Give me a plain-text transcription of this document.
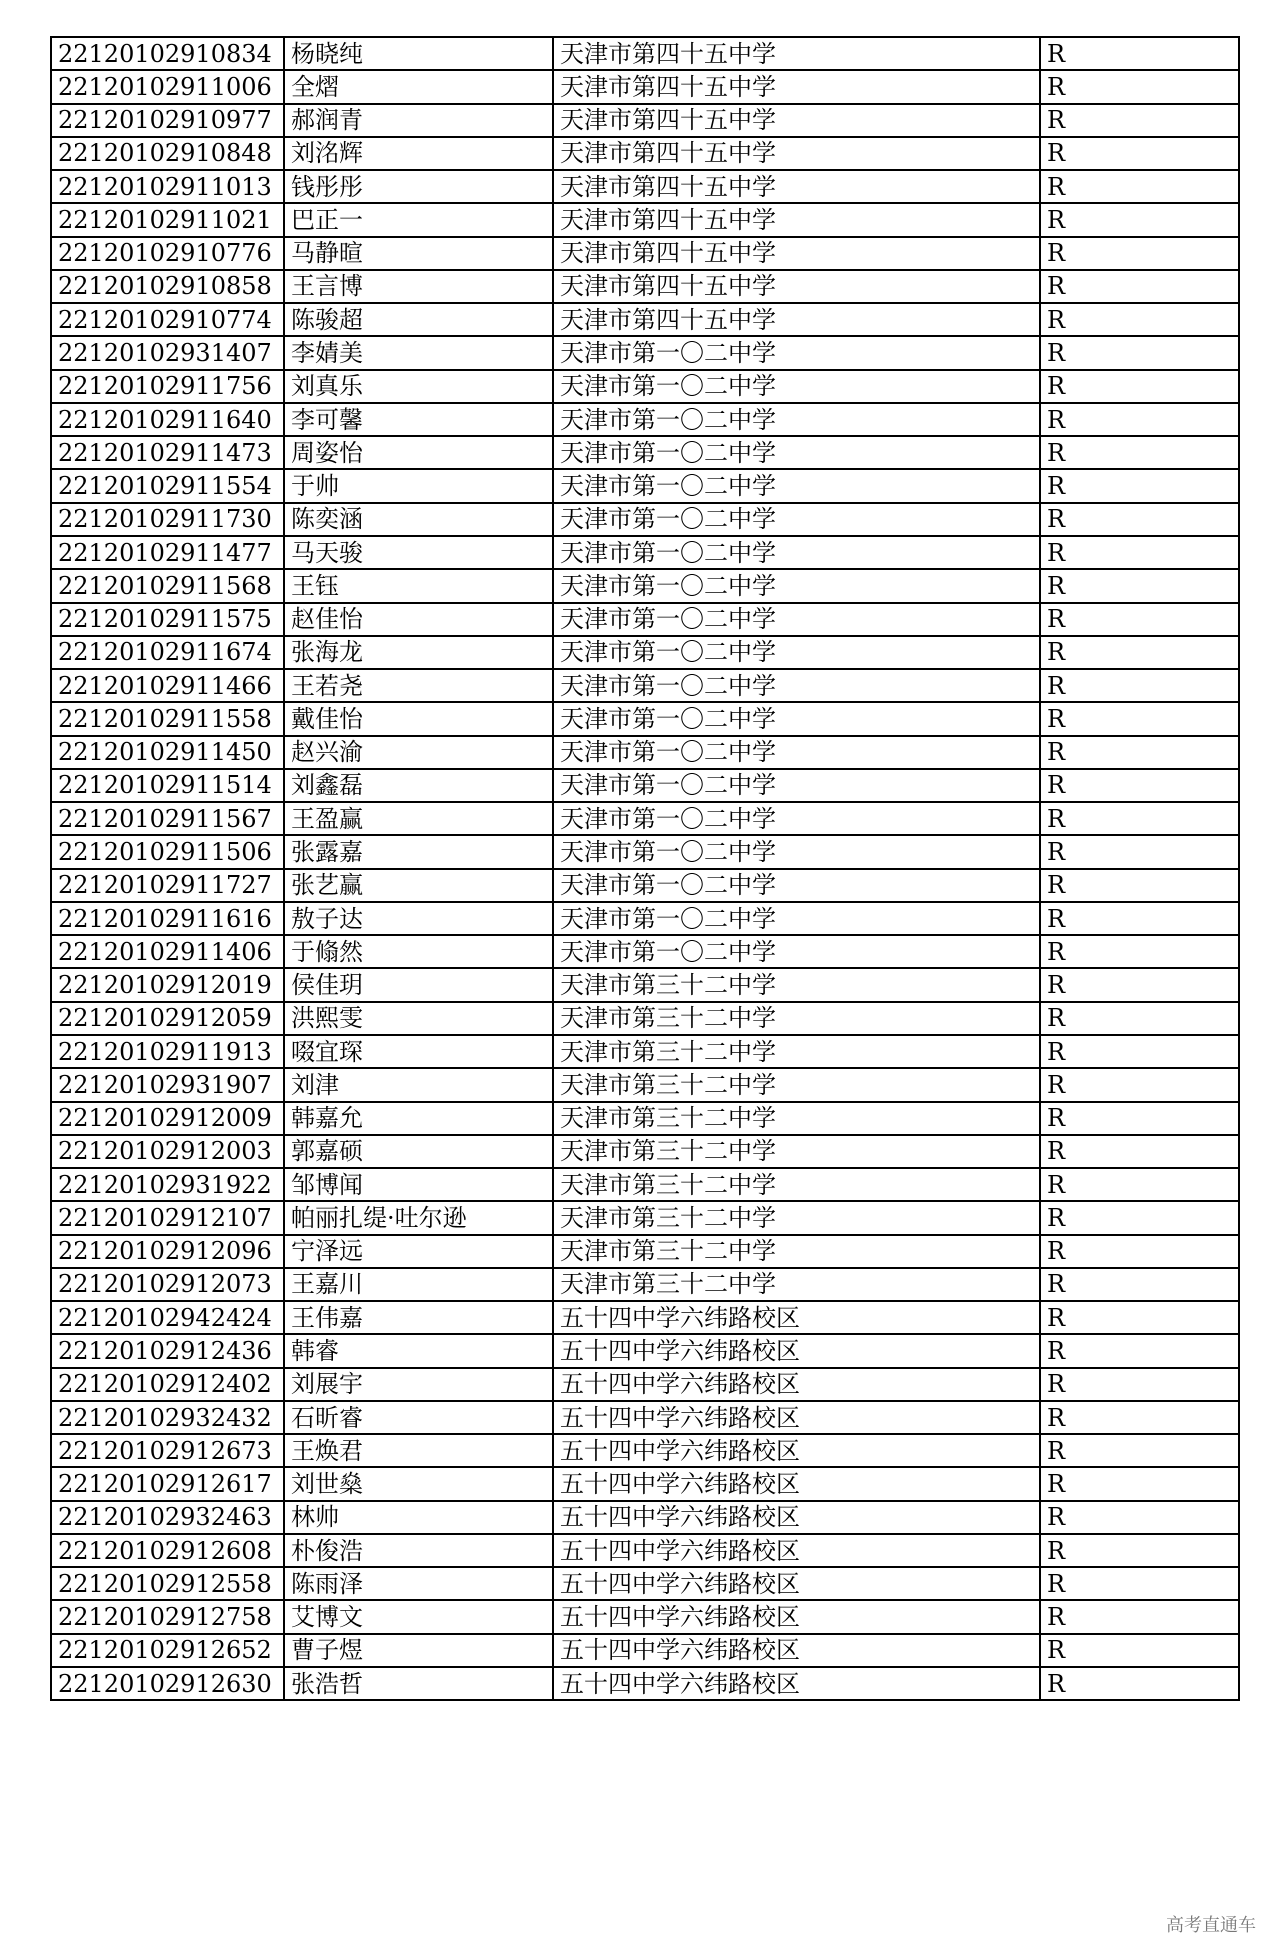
22120102910834	杨晓纯	天津市第四十五中学	R
22120102911006	全熠	天津市第四十五中学	R
22120102910977	郝润青	天津市第四十五中学	R
22120102910848	刘洺辉	天津市第四十五中学	R
22120102911013	钱彤彤	天津市第四十五中学	R
22120102911021	巴正一	天津市第四十五中学	R
22120102910776	马静暄	天津市第四十五中学	R
22120102910858	王言博	天津市第四十五中学	R
22120102910774	陈骏超	天津市第四十五中学	R
22120102931407	李婧美	天津市第一〇二中学	R
22120102911756	刘真乐	天津市第一〇二中学	R
22120102911640	李可馨	天津市第一〇二中学	R
22120102911473	周姿怡	天津市第一〇二中学	R
22120102911554	于帅	天津市第一〇二中学	R
22120102911730	陈奕涵	天津市第一〇二中学	R
22120102911477	马天骏	天津市第一〇二中学	R
22120102911568	王钰	天津市第一〇二中学	R
22120102911575	赵佳怡	天津市第一〇二中学	R
22120102911674	张海龙	天津市第一〇二中学	R
22120102911466	王若尧	天津市第一〇二中学	R
22120102911558	戴佳怡	天津市第一〇二中学	R
22120102911450	赵兴渝	天津市第一〇二中学	R
22120102911514	刘鑫磊	天津市第一〇二中学	R
22120102911567	王盈赢	天津市第一〇二中学	R
22120102911506	张露嘉	天津市第一〇二中学	R
22120102911727	张艺赢	天津市第一〇二中学	R
22120102911616	敖子达	天津市第一〇二中学	R
22120102911406	于翛然	天津市第一〇二中学	R
22120102912019	侯佳玥	天津市第三十二中学	R
22120102912059	洪熙雯	天津市第三十二中学	R
22120102911913	啜宜琛	天津市第三十二中学	R
22120102931907	刘津	天津市第三十二中学	R
22120102912009	韩嘉允	天津市第三十二中学	R
22120102912003	郭嘉硕	天津市第三十二中学	R
22120102931922	邹博闻	天津市第三十二中学	R
22120102912107	帕丽扎缇·吐尔逊	天津市第三十二中学	R
22120102912096	宁泽远	天津市第三十二中学	R
22120102912073	王嘉川	天津市第三十二中学	R
22120102942424	王伟嘉	五十四中学六纬路校区	R
22120102912436	韩睿	五十四中学六纬路校区	R
22120102912402	刘展宇	五十四中学六纬路校区	R
22120102932432	石昕睿	五十四中学六纬路校区	R
22120102912673	王焕君	五十四中学六纬路校区	R
22120102912617	刘世燊	五十四中学六纬路校区	R
22120102932463	林帅	五十四中学六纬路校区	R
22120102912608	朴俊浩	五十四中学六纬路校区	R
22120102912558	陈雨泽	五十四中学六纬路校区	R
22120102912758	艾博文	五十四中学六纬路校区	R
22120102912652	曹子煜	五十四中学六纬路校区	R
22120102912630	张浩哲	五十四中学六纬路校区	R
高考直通车
